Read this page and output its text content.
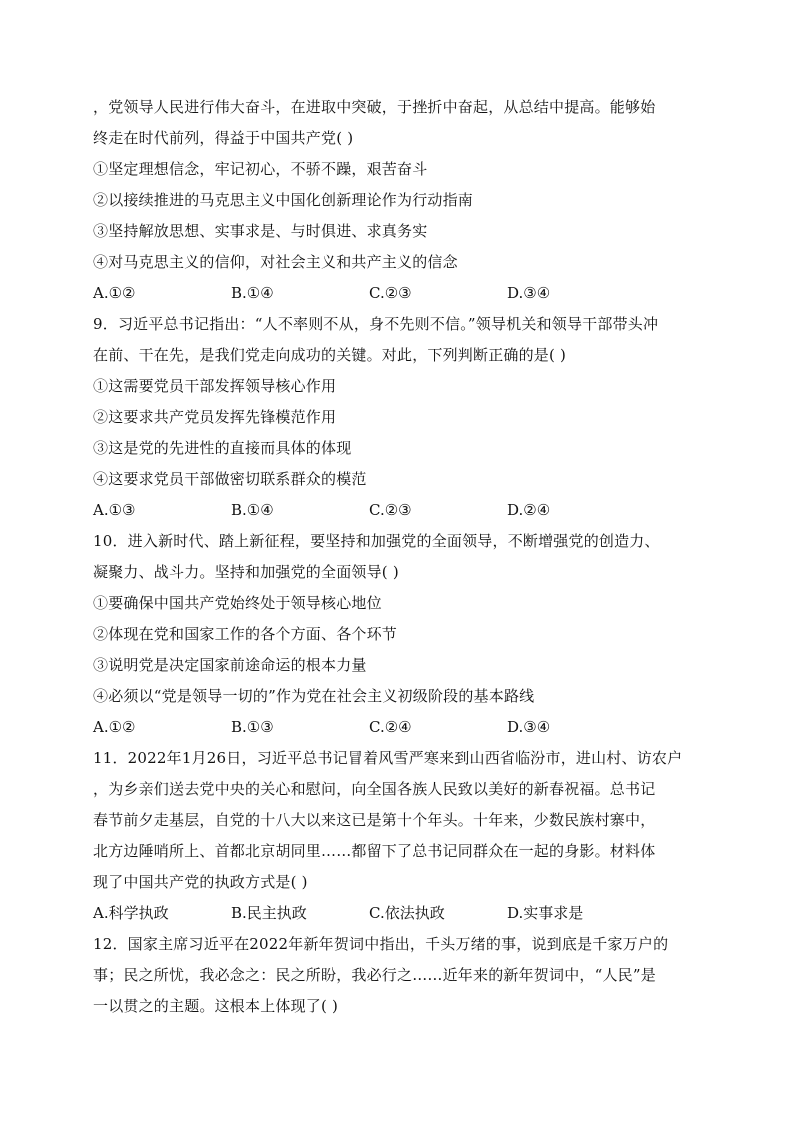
，党领导人民进行伟大奋斗，在进取中突破，于挫折中奋起，从总结中提高。能够始
终走在时代前列，得益于中国共产党( )
①坚定理想信念，牢记初心，不骄不躁，艰苦奋斗
②以接续推进的马克思主义中国化创新理论作为行动指南
③坚持解放思想、实事求是、与时俱进、求真务实
④对马克思主义的信仰，对社会主义和共产主义的信念
A.①②	B.①④	C.②③	D.③④
9．习近平总书记指出：“人不率则不从，身不先则不信。”领导机关和领导干部带头冲
在前、干在先，是我们党走向成功的关键。对此，下列判断正确的是( )
①这需要党员干部发挥领导核心作用
②这要求共产党员发挥先锋模范作用
③这是党的先进性的直接而具体的体现
④这要求党员干部做密切联系群众的模范
A.①③	B.①④	C.②③	D.②④
10．进入新时代、踏上新征程，要坚持和加强党的全面领导，不断增强党的创造力、
凝聚力、战斗力。坚持和加强党的全面领导( )
①要确保中国共产党始终处于领导核心地位
②体现在党和国家工作的各个方面、各个环节
③说明党是决定国家前途命运的根本力量
④必须以“党是领导一切的”作为党在社会主义初级阶段的基本路线
A.①②	B.①③	C.②④	D.③④
11．2022年1月26日，习近平总书记冒着风雪严寒来到山西省临汾市，进山村、访农户
，为乡亲们送去党中央的关心和慰问，向全国各族人民致以美好的新春祝福。总书记
春节前夕走基层，自党的十八大以来这已是第十个年头。十年来，少数民族村寨中，
北方边陲哨所上、首都北京胡同里……都留下了总书记同群众在一起的身影。材料体
现了中国共产党的执政方式是( )
A.科学执政	B.民主执政	C.依法执政	D.实事求是
12．国家主席习近平在2022年新年贺词中指出，千头万绪的事，说到底是千家万户的
事；民之所忧，我必念之：民之所盼，我必行之……近年来的新年贺词中，“人民”是
一以贯之的主题。这根本上体现了( )
